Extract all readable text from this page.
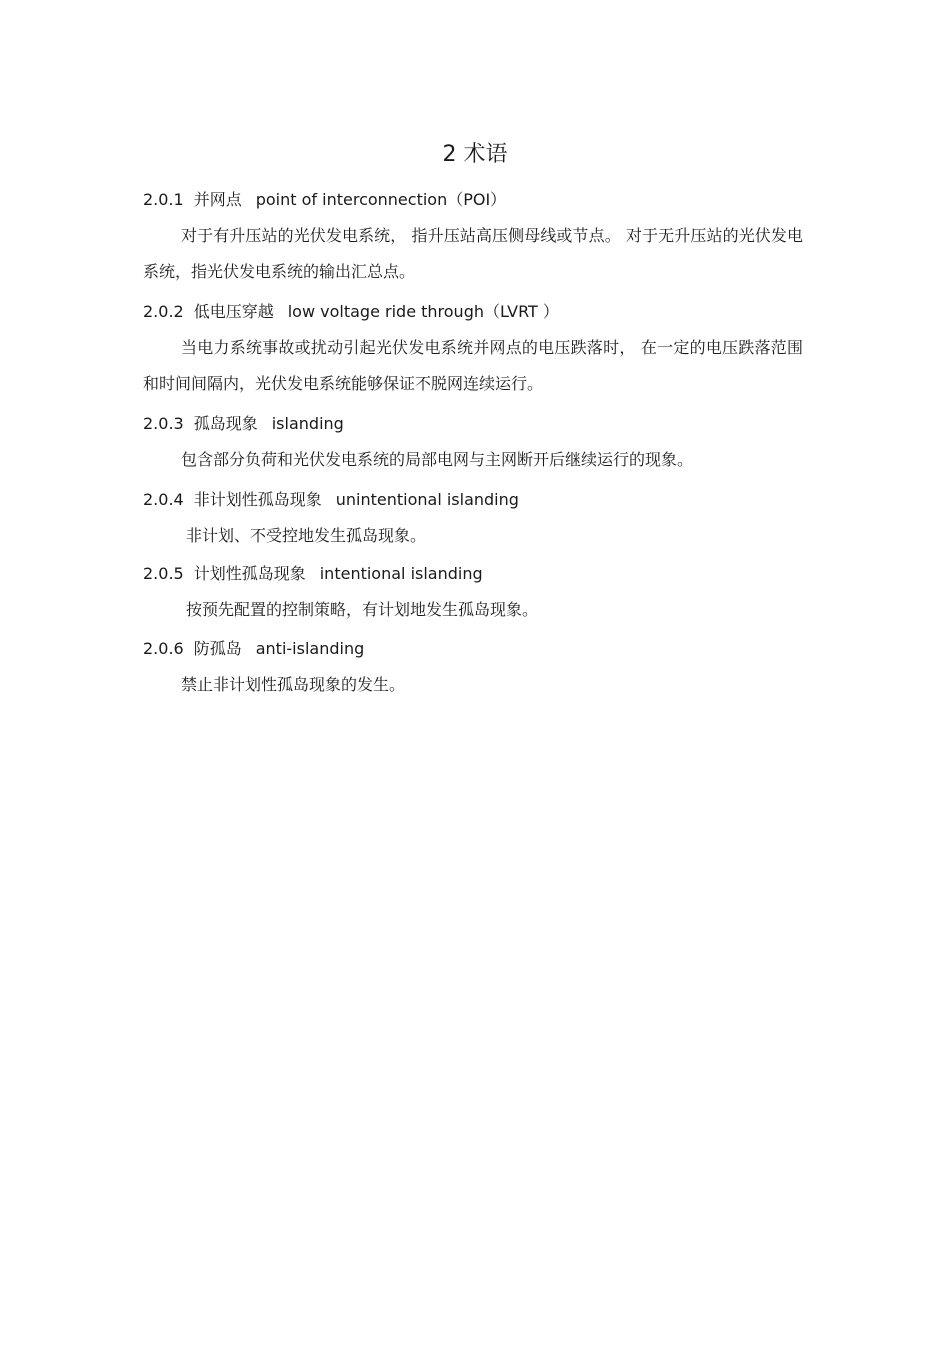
2 术语
2.0.1 并网点 point of interconnection（POI）
对于有升压站的光伏发电系统， 指升压站高压侧母线或节点。 对于无升压站的光伏发电系统，指光伏发电系统的输出汇总点。
2.0.2 低电压穿越 low voltage ride through（LVRT ）
当电力系统事故或扰动引起光伏发电系统并网点的电压跌落时， 在一定的电压跌落范围和时间间隔内，光伏发电系统能够保证不脱网连续运行。
2.0.3 孤岛现象 islanding
包含部分负荷和光伏发电系统的局部电网与主网断开后继续运行的现象。
2.0.4 非计划性孤岛现象 unintentional islanding
非计划、不受控地发生孤岛现象。
2.0.5 计划性孤岛现象 intentional islanding
按预先配置的控制策略，有计划地发生孤岛现象。
2.0.6 防孤岛 anti-islanding
禁止非计划性孤岛现象的发生。
